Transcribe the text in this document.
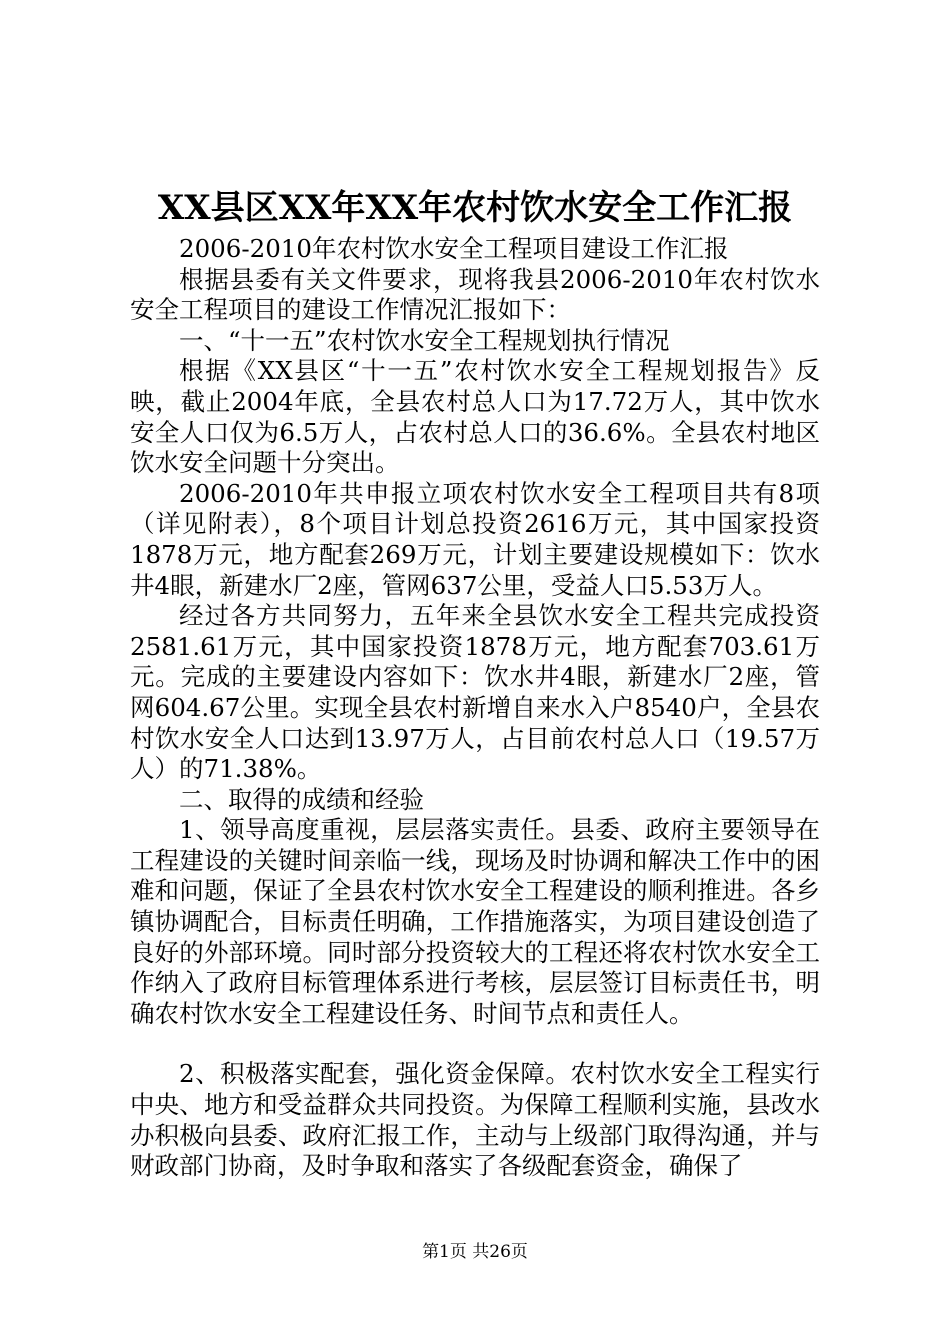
XX县区XX年XX年农村饮水安全工作汇报

2006-2010年农村饮水安全工程项目建设工作汇报

根据县委有关文件要求，现将我县2006-2010年农村饮水安全工程项目的建设工作情况汇报如下：

一、“十一五”农村饮水安全工程规划执行情况

根据《XX县区“十一五”农村饮水安全工程规划报告》反映，截止2004年底，全县农村总人口为17.72万人，其中饮水安全人口仅为6.5万人，占农村总人口的36.6%。全县农村地区饮水安全问题十分突出。

2006-2010年共申报立项农村饮水安全工程项目共有8项（详见附表），8个项目计划总投资2616万元，其中国家投资1878万元，地方配套269万元，计划主要建设规模如下：饮水井4眼，新建水厂2座，管网637公里，受益人口5.53万人。

经过各方共同努力，五年来全县饮水安全工程共完成投资2581.61万元，其中国家投资1878万元，地方配套703.61万元。完成的主要建设内容如下：饮水井4眼，新建水厂2座，管网604.67公里。实现全县农村新增自来水入户8540户，全县农村饮水安全人口达到13.97万人，占目前农村总人口（19.57万人）的71.38%。

二、取得的成绩和经验

1、领导高度重视，层层落实责任。县委、政府主要领导在工程建设的关键时间亲临一线，现场及时协调和解决工作中的困难和问题，保证了全县农村饮水安全工程建设的顺利推进。各乡镇协调配合，目标责任明确，工作措施落实，为项目建设创造了良好的外部环境。同时部分投资较大的工程还将农村饮水安全工作纳入了政府目标管理体系进行考核，层层签订目标责任书，明确农村饮水安全工程建设任务、时间节点和责任人。

2、积极落实配套，强化资金保障。农村饮水安全工程实行中央、地方和受益群众共同投资。为保障工程顺利实施，县改水办积极向县委、政府汇报工作，主动与上级部门取得沟通，并与财政部门协商，及时争取和落实了各级配套资金，确保了

第1页 共26页
